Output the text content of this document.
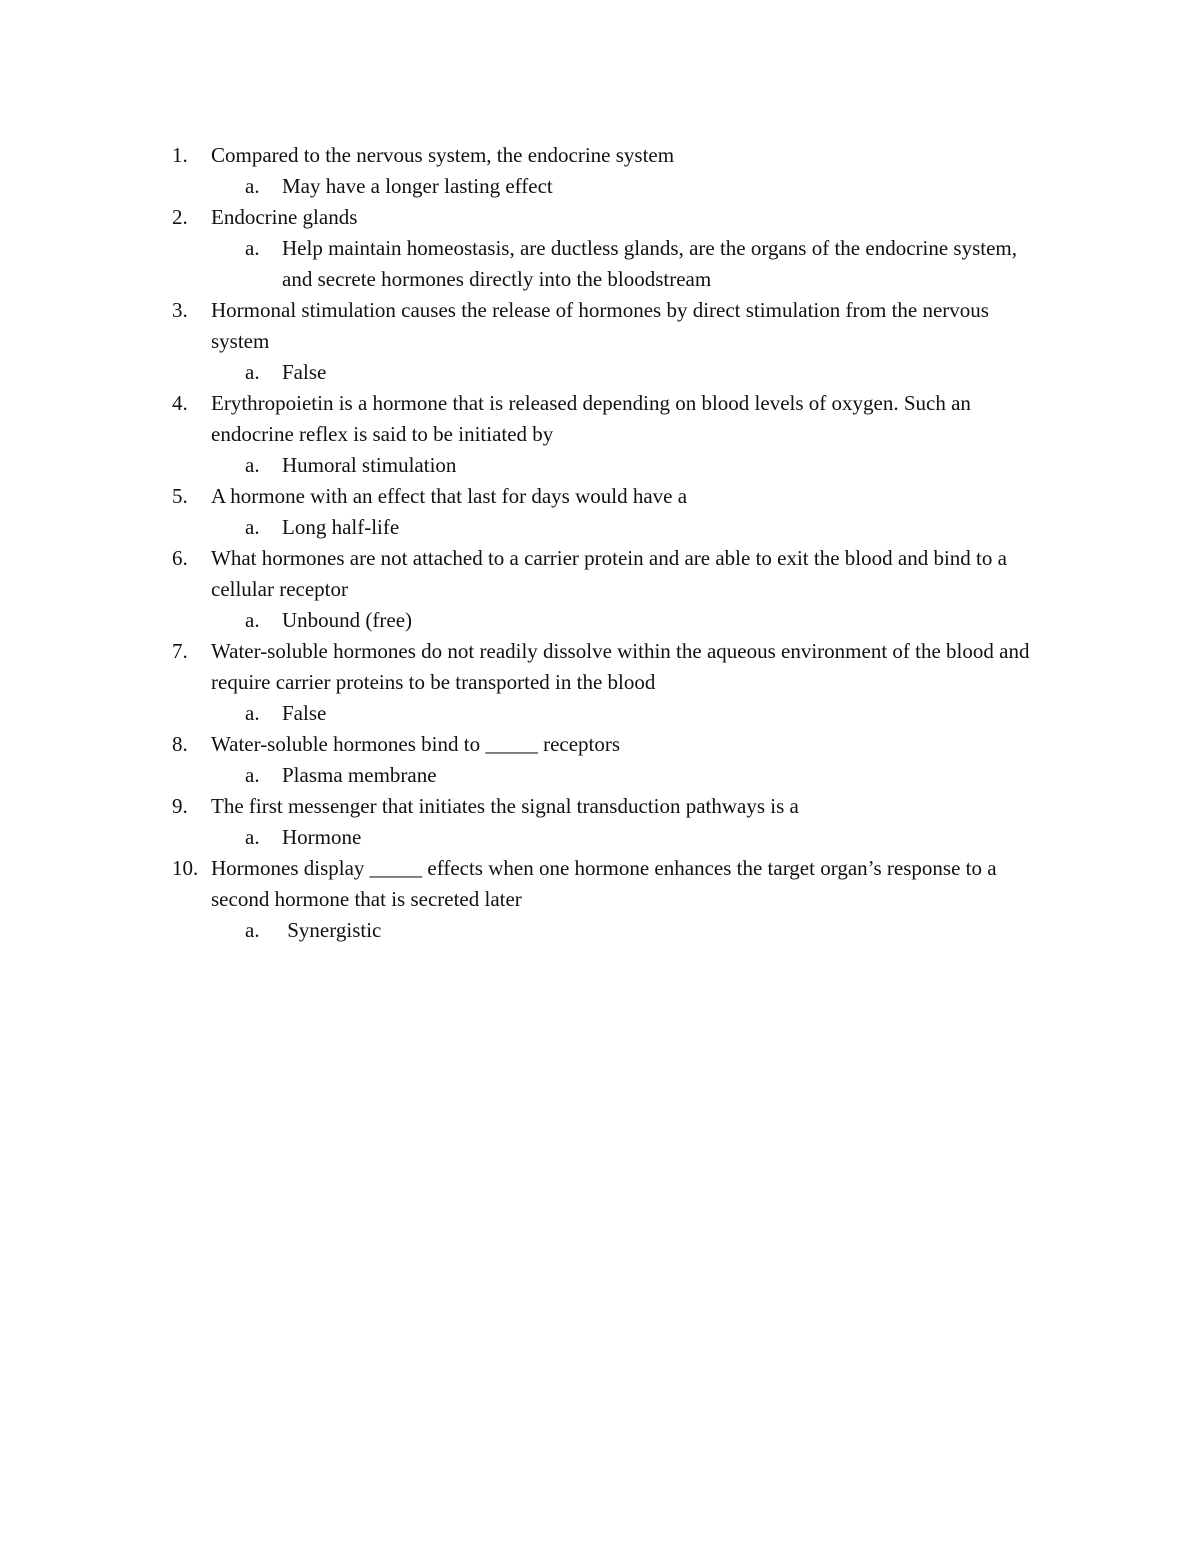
1.	Compared to the nervous system, the endocrine system
a.	May have a longer lasting effect
2.	Endocrine glands
a.	Help maintain homeostasis, are ductless glands, are the organs of the endocrine system, and secrete hormones directly into the bloodstream
3.	Hormonal stimulation causes the release of hormones by direct stimulation from the nervous system
a.	False
4.	Erythropoietin is a hormone that is released depending on blood levels of oxygen. Such an endocrine reflex is said to be initiated by
a.	Humoral stimulation
5.	A hormone with an effect that last for days would have a
a.	Long half-life
6.	What hormones are not attached to a carrier protein and are able to exit the blood and bind to a cellular receptor
a.	Unbound (free)
7.	Water-soluble hormones do not readily dissolve within the aqueous environment of the blood and require carrier proteins to be transported in the blood
a.	False
8.	Water-soluble hormones bind to _____ receptors
a.	Plasma membrane
9.	The first messenger that initiates the signal transduction pathways is a
a.	Hormone
10. Hormones display _____ effects when one hormone enhances the target organ’s response to a second hormone that is secreted later
a.	Synergistic
